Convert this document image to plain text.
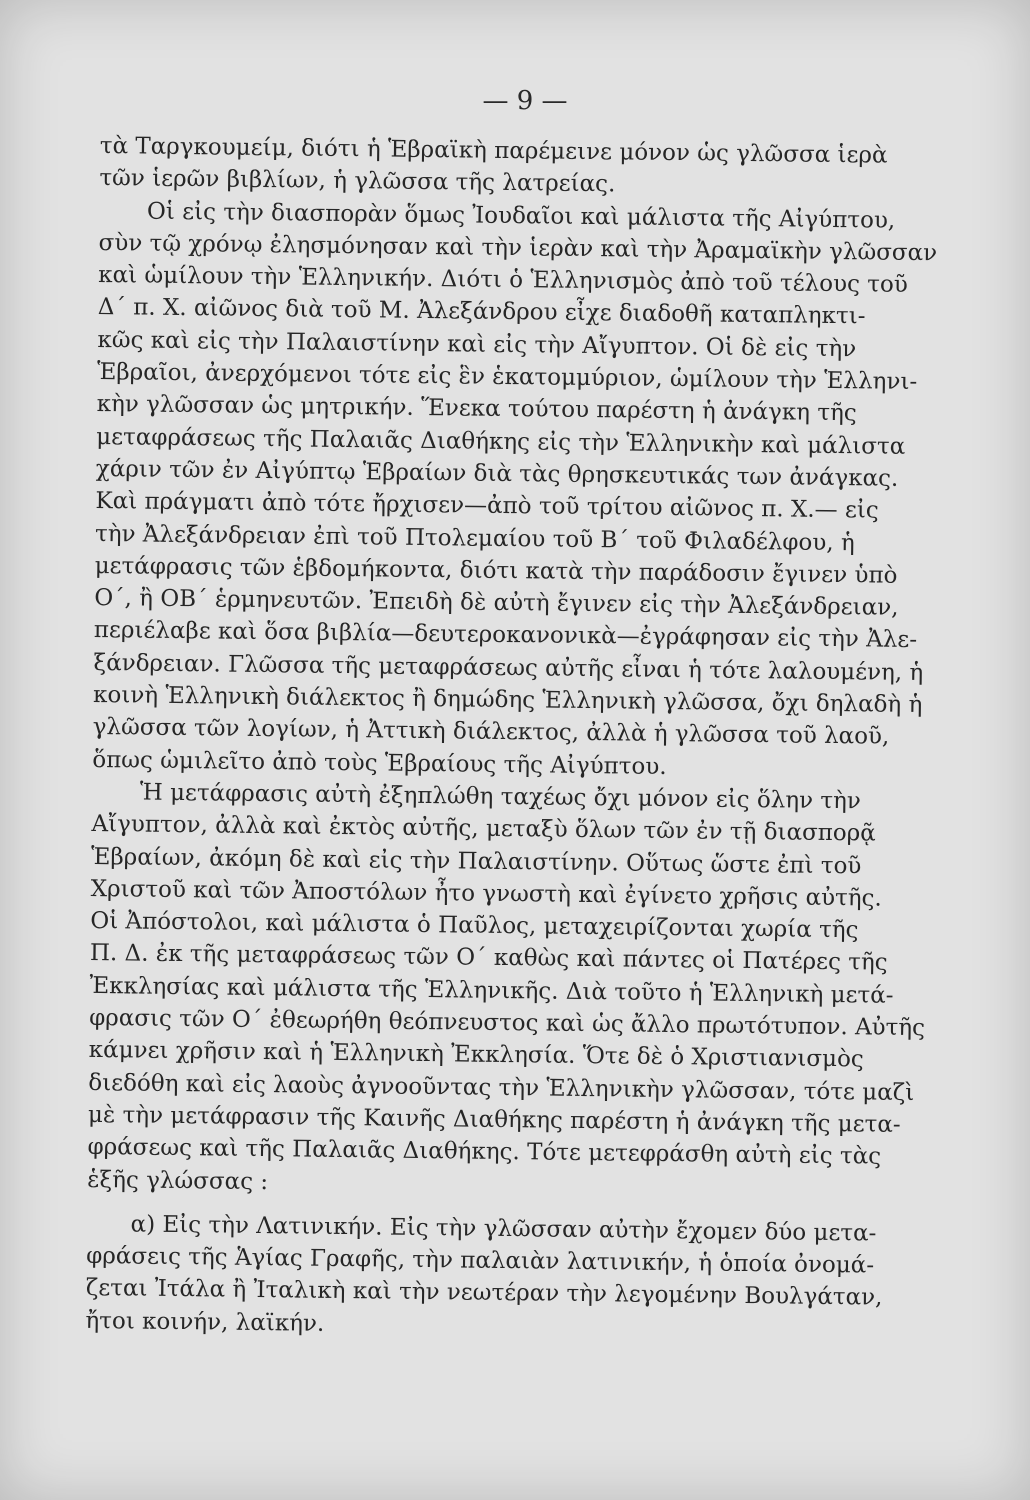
— 9 —
τὰ Ταργκουμείμ, διότι ἡ Ἑβραϊκὴ παρέμεινε μόνον ὡς γλῶσσα ἱερὰ
τῶν ἱερῶν βιβλίων, ἡ γλῶσσα τῆς λατρείας.
Οἱ εἰς τὴν διασπορὰν ὅμως Ἰουδαῖοι καὶ μάλιστα τῆς Αἰγύπτου,
σὺν τῷ χρόνῳ ἐλησμόνησαν καὶ τὴν ἱερὰν καὶ τὴν Ἀραμαϊκὴν γλῶσσαν
καὶ ὡμίλουν τὴν Ἑλληνικήν. Διότι ὁ Ἑλληνισμὸς ἀπὸ τοῦ τέλους τοῦ
Δ΄ π. Χ. αἰῶνος διὰ τοῦ Μ. Ἀλεξάνδρου εἶχε διαδοθῆ καταπληκτι-
κῶς καὶ εἰς τὴν Παλαιστίνην καὶ εἰς τὴν Αἴγυπτον. Οἱ δὲ εἰς τὴν
Ἑβραῖοι, ἀνερχόμενοι τότε εἰς ἓν ἑκατομμύριον, ὡμίλουν τὴν Ἑλληνι-
κὴν γλῶσσαν ὡς μητρικήν. Ἕνεκα τούτου παρέστη ἡ ἀνάγκη τῆς
μεταφράσεως τῆς Παλαιᾶς Διαθήκης εἰς τὴν Ἑλληνικὴν καὶ μάλιστα
χάριν τῶν ἐν Αἰγύπτῳ Ἑβραίων διὰ τὰς θρησκευτικάς των ἀνάγκας.
Καὶ πράγματι ἀπὸ τότε ἤρχισεν—ἀπὸ τοῦ τρίτου αἰῶνος π. Χ.— εἰς
τὴν Ἀλεξάνδρειαν ἐπὶ τοῦ Πτολεμαίου τοῦ Β΄ τοῦ Φιλαδέλφου, ἡ
μετάφρασις τῶν ἑβδομήκοντα, διότι κατὰ τὴν παράδοσιν ἔγινεν ὑπὸ
Ο΄, ἢ ΟΒ΄ ἑρμηνευτῶν. Ἐπειδὴ δὲ αὐτὴ ἔγινεν εἰς τὴν Ἀλεξάνδρειαν,
περιέλαβε καὶ ὅσα βιβλία—δευτεροκανονικὰ—ἐγράφησαν εἰς τὴν Ἀλε-
ξάνδρειαν. Γλῶσσα τῆς μεταφράσεως αὐτῆς εἶναι ἡ τότε λαλουμένη, ἡ
κοινὴ Ἑλληνικὴ διάλεκτος ἢ δημώδης Ἑλληνικὴ γλῶσσα, ὄχι δηλαδὴ ἡ
γλῶσσα τῶν λογίων, ἡ Ἀττικὴ διάλεκτος, ἀλλὰ ἡ γλῶσσα τοῦ λαοῦ,
ὅπως ὡμιλεῖτο ἀπὸ τοὺς Ἑβραίους τῆς Αἰγύπτου.
Ἡ μετάφρασις αὐτὴ ἐξηπλώθη ταχέως ὄχι μόνον εἰς ὅλην τὴν
Αἴγυπτον, ἀλλὰ καὶ ἐκτὸς αὐτῆς, μεταξὺ ὅλων τῶν ἐν τῇ διασπορᾷ
Ἑβραίων, ἀκόμη δὲ καὶ εἰς τὴν Παλαιστίνην. Οὕτως ὥστε ἐπὶ τοῦ
Χριστοῦ καὶ τῶν Ἀποστόλων ἦτο γνωστὴ καὶ ἐγίνετο χρῆσις αὐτῆς.
Οἱ Ἀπόστολοι, καὶ μάλιστα ὁ Παῦλος, μεταχειρίζονται χωρία τῆς
Π. Δ. ἐκ τῆς μεταφράσεως τῶν Ο΄ καθὼς καὶ πάντες οἱ Πατέρες τῆς
Ἐκκλησίας καὶ μάλιστα τῆς Ἑλληνικῆς. Διὰ τοῦτο ἡ Ἑλληνικὴ μετά-
φρασις τῶν Ο΄ ἐθεωρήθη θεόπνευστος καὶ ὡς ἄλλο πρωτότυπον. Αὐτῆς
κάμνει χρῆσιν καὶ ἡ Ἑλληνικὴ Ἐκκλησία. Ὅτε δὲ ὁ Χριστιανισμὸς
διεδόθη καὶ εἰς λαοὺς ἀγνοοῦντας τὴν Ἑλληνικὴν γλῶσσαν, τότε μαζὶ
μὲ τὴν μετάφρασιν τῆς Καινῆς Διαθήκης παρέστη ἡ ἀνάγκη τῆς μετα-
φράσεως καὶ τῆς Παλαιᾶς Διαθήκης. Τότε μετεφράσθη αὐτὴ εἰς τὰς
ἑξῆς γλώσσας :
α) Εἰς τὴν Λατινικήν. Εἰς τὴν γλῶσσαν αὐτὴν ἔχομεν δύο μετα-
φράσεις τῆς Ἁγίας Γραφῆς, τὴν παλαιὰν λατινικήν, ἡ ὁποία ὀνομά-
ζεται Ἰτάλα ἢ Ἰταλικὴ καὶ τὴν νεωτέραν τὴν λεγομένην Βουλγάταν,
ἤτοι κοινήν, λαϊκήν.
